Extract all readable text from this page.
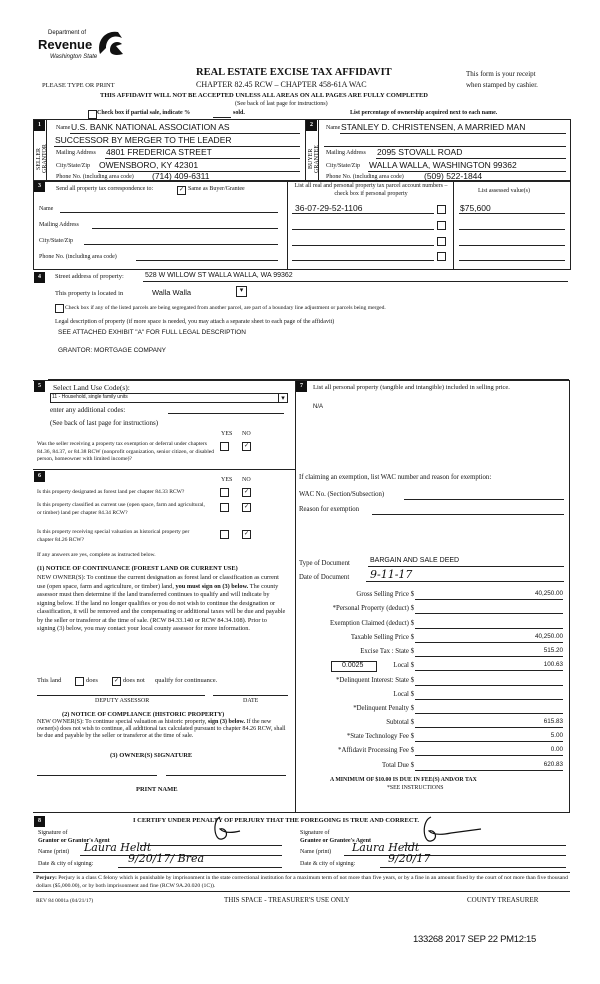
Department of
Revenue
Washington State
REAL ESTATE EXCISE TAX AFFIDAVIT
PLEASE TYPE OR PRINT	CHAPTER 82.45 RCW – CHAPTER 458-61A WAC
This form is your receipt
when stamped by cashier.
THIS AFFIDAVIT WILL NOT BE ACCEPTED UNLESS ALL AREAS ON ALL PAGES ARE FULLY COMPLETED
(See back of last page for instructions)
Check box if partial sale, indicate %	sold.	List percentage of ownership acquired next to each name.
1	2
SELLER GRANTOR	BUYER GRANTEE
Name U.S. BANK NATIONAL ASSOCIATION AS
SUCCESSOR BY MERGER TO THE LEADER
Mailing Address 4801 FREDERICA STREET
City/State/Zip OWENSBORO, KY 42301
Phone No. (including area code) (714) 409-6311
Name STANLEY D. CHRISTENSEN, A MARRIED MAN
Mailing Address 2095 STOVALL ROAD
City/State/Zip WALLA WALLA, WASHINGTON 99362
Phone No. (including area code) (509) 522-1844
3	Send all property tax correspondence to:	✓ Same as Buyer/Grantee
Name
Mailing Address
City/State/Zip
Phone No. (including area code)
List all real and personal property tax parcel account numbers – check box if personal property	List assessed value(s)
36-07-29-52-1106	$75,600
4	Street address of property:	528 W WILLOW ST WALLA WALLA, WA 99362
This property is located in	Walla Walla	▾
Check box if any of the listed parcels are being segregated from another parcel, are part of a boundary line adjustment or parcels being merged.
Legal description of property (if more space is needed, you may attach a separate sheet to each page of the affidavit)
SEE ATTACHED EXHIBIT "A" FOR FULL LEGAL DESCRIPTION
GRANTOR: MORTGAGE COMPANY
5	Select Land Use Code(s):
11 - Household, single family units	▾
enter any additional codes:
(See back of last page for instructions)
YES NO
Was the seller receiving a property tax exemption or deferral under chapters 84.36, 84.37, or 84.38 RCW (nonprofit organization, senior citizen, or disabled person, homeowner with limited income)?
✓
6
YES NO
Is this property designated as forest land per chapter 84.33 RCW?	✓
Is this property classified as current use (open space, farm and agricultural, or timber) land per chapter 84.34 RCW?
✓
Is this property receiving special valuation as historical property per chapter 84.26 RCW?
✓
If any answers are yes, complete as instructed below.
(1) NOTICE OF CONTINUANCE (FOREST LAND OR CURRENT USE)
NEW OWNER(S): To continue the current designation as forest land or classification as current use (open space, farm and agriculture, or timber) land, you must sign on (3) below. The county assessor must then determine if the land transferred continues to qualify and will indicate by signing below. If the land no longer qualifies or you do not wish to continue the designation or classification, it will be removed and the compensating or additional taxes will be due and payable by the seller or transferor at the time of sale. (RCW 84.33.140 or RCW 84.34.108). Prior to signing (3) below, you may contact your local county assessor for more information.
This land	does	✓ does not qualify for continuance.
DEPUTY ASSESSOR	DATE
(2) NOTICE OF COMPLIANCE (HISTORIC PROPERTY)
NEW OWNER(S): To continue special valuation as historic property, sign (3) below. If the new owner(s) does not wish to continue, all additional tax calculated pursuant to chapter 84.26 RCW, shall be due and payable by the seller or transferor at the time of sale.
(3) OWNER(S) SIGNATURE
PRINT NAME
7	List all personal property (tangible and intangible) included in selling price.
N/A
If claiming an exemption, list WAC number and reason for exemption:
WAC No. (Section/Subsection)
Reason for exemption
Type of Document	BARGAIN AND SALE DEED
Date of Document 9-11-17
0.0025
A MINIMUM OF $10.00 IS DUE IN FEE(S) AND/OR TAX
*SEE INSTRUCTIONS
8	I CERTIFY UNDER PENALTY OF PERJURY THAT THE FOREGOING IS TRUE AND CORRECT.
Signature of
Grantor or Grantor's Agent
Name (print) Laura Heldt
Date & city of signing:	9/20/17/ Brea
Signature of
Grantee or Grantee's Agent
Name (print) Laura Heldt
Date & city of signing:	9/20/17
Perjury: Perjury is a class C felony which is punishable by imprisonment in the state correctional institution for a maximum term of not more than five years, or by a fine in an amount fixed by the court of not more than five thousand dollars ($5,000.00), or by both imprisonment and fine (RCW 9A.20.020 (1C)).
REV 84 0001a (04/21/17)	THIS SPACE - TREASURER'S USE ONLY	COUNTY TREASURER
133268 2017 SEP 22 PM12:15
Gross Selling Price $	40,250.00
*Personal Property (deduct) $
Exemption Claimed (deduct) $
Taxable Selling Price $	40,250.00
Excise Tax : State $	515.20
Local $	100.63
*Delinquent Interest: State $
Local $
*Delinquent Penalty $
Subtotal $	615.83
*State Technology Fee $	5.00
*Affidavit Processing Fee $	0.00
Total Due $	620.83
